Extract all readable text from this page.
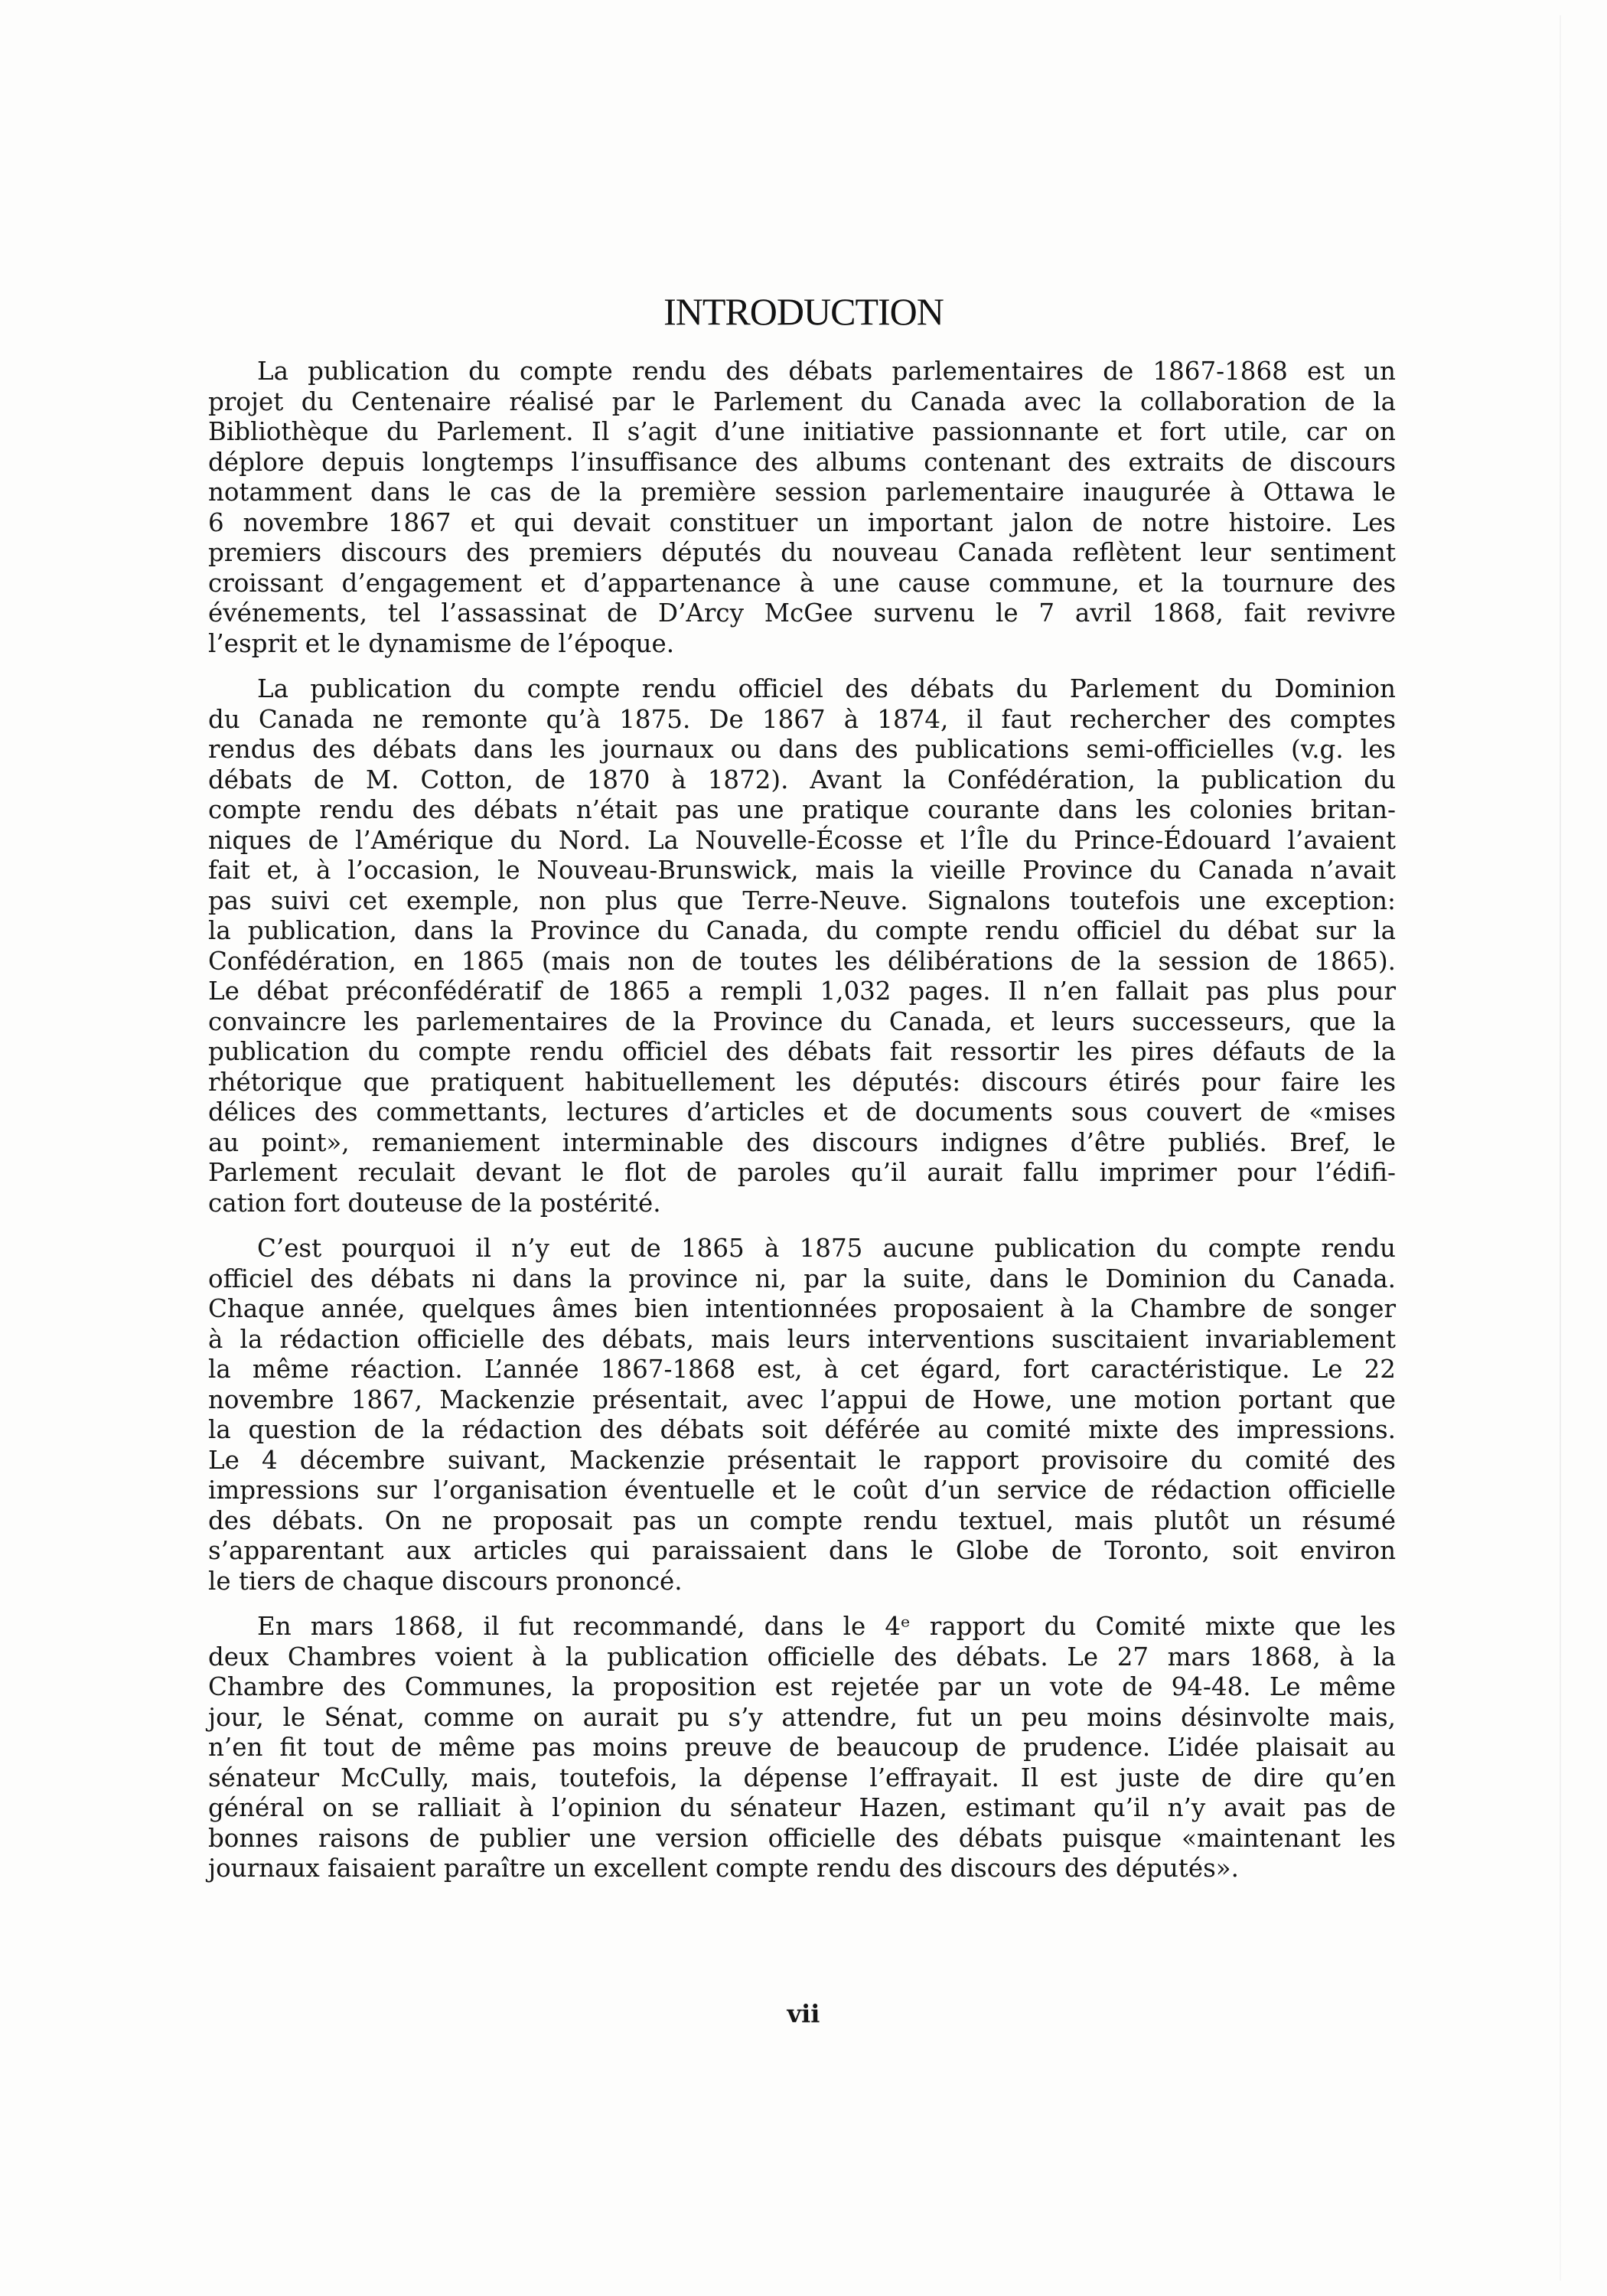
INTRODUCTION

La publication du compte rendu des débats parlementaires de 1867-1868 est un
projet du Centenaire réalisé par le Parlement du Canada avec la collaboration de la
Bibliothèque du Parlement. Il s’agit d’une initiative passionnante et fort utile, car on
déplore depuis longtemps l’insuffisance des albums contenant des extraits de discours
notamment dans le cas de la première session parlementaire inaugurée à Ottawa le
6 novembre 1867 et qui devait constituer un important jalon de notre histoire. Les
premiers discours des premiers députés du nouveau Canada reflètent leur sentiment
croissant d’engagement et d’appartenance à une cause commune, et la tournure des
événements, tel l’assassinat de D’Arcy McGee survenu le 7 avril 1868, fait revivre
l’esprit et le dynamisme de l’époque.

La publication du compte rendu officiel des débats du Parlement du Dominion
du Canada ne remonte qu’à 1875. De 1867 à 1874, il faut rechercher des comptes
rendus des débats dans les journaux ou dans des publications semi-officielles (v.g. les
débats de M. Cotton, de 1870 à 1872). Avant la Confédération, la publication du
compte rendu des débats n’était pas une pratique courante dans les colonies britan-
niques de l’Amérique du Nord. La Nouvelle-Écosse et l’Île du Prince-Édouard l’avaient
fait et, à l’occasion, le Nouveau-Brunswick, mais la vieille Province du Canada n’avait
pas suivi cet exemple, non plus que Terre-Neuve. Signalons toutefois une exception:
la publication, dans la Province du Canada, du compte rendu officiel du débat sur la
Confédération, en 1865 (mais non de toutes les délibérations de la session de 1865).
Le débat préconfédératif de 1865 a rempli 1,032 pages. Il n’en fallait pas plus pour
convaincre les parlementaires de la Province du Canada, et leurs successeurs, que la
publication du compte rendu officiel des débats fait ressortir les pires défauts de la
rhétorique que pratiquent habituellement les députés: discours étirés pour faire les
délices des commettants, lectures d’articles et de documents sous couvert de «mises
au point», remaniement interminable des discours indignes d’être publiés. Bref, le
Parlement reculait devant le flot de paroles qu’il aurait fallu imprimer pour l’édifi-
cation fort douteuse de la postérité.

C’est pourquoi il n’y eut de 1865 à 1875 aucune publication du compte rendu
officiel des débats ni dans la province ni, par la suite, dans le Dominion du Canada.
Chaque année, quelques âmes bien intentionnées proposaient à la Chambre de songer
à la rédaction officielle des débats, mais leurs interventions suscitaient invariablement
la même réaction. L’année 1867-1868 est, à cet égard, fort caractéristique. Le 22
novembre 1867, Mackenzie présentait, avec l’appui de Howe, une motion portant que
la question de la rédaction des débats soit déférée au comité mixte des impressions.
Le 4 décembre suivant, Mackenzie présentait le rapport provisoire du comité des
impressions sur l’organisation éventuelle et le coût d’un service de rédaction officielle
des débats. On ne proposait pas un compte rendu textuel, mais plutôt un résumé
s’apparentant aux articles qui paraissaient dans le Globe de Toronto, soit environ
le tiers de chaque discours prononcé.

En mars 1868, il fut recommandé, dans le 4ᵉ rapport du Comité mixte que les
deux Chambres voient à la publication officielle des débats. Le 27 mars 1868, à la
Chambre des Communes, la proposition est rejetée par un vote de 94-48. Le même
jour, le Sénat, comme on aurait pu s’y attendre, fut un peu moins désinvolte mais,
n’en fit tout de même pas moins preuve de beaucoup de prudence. L’idée plaisait au
sénateur McCully, mais, toutefois, la dépense l’effrayait. Il est juste de dire qu’en
général on se ralliait à l’opinion du sénateur Hazen, estimant qu’il n’y avait pas de
bonnes raisons de publier une version officielle des débats puisque «maintenant les
journaux faisaient paraître un excellent compte rendu des discours des députés».

vii
